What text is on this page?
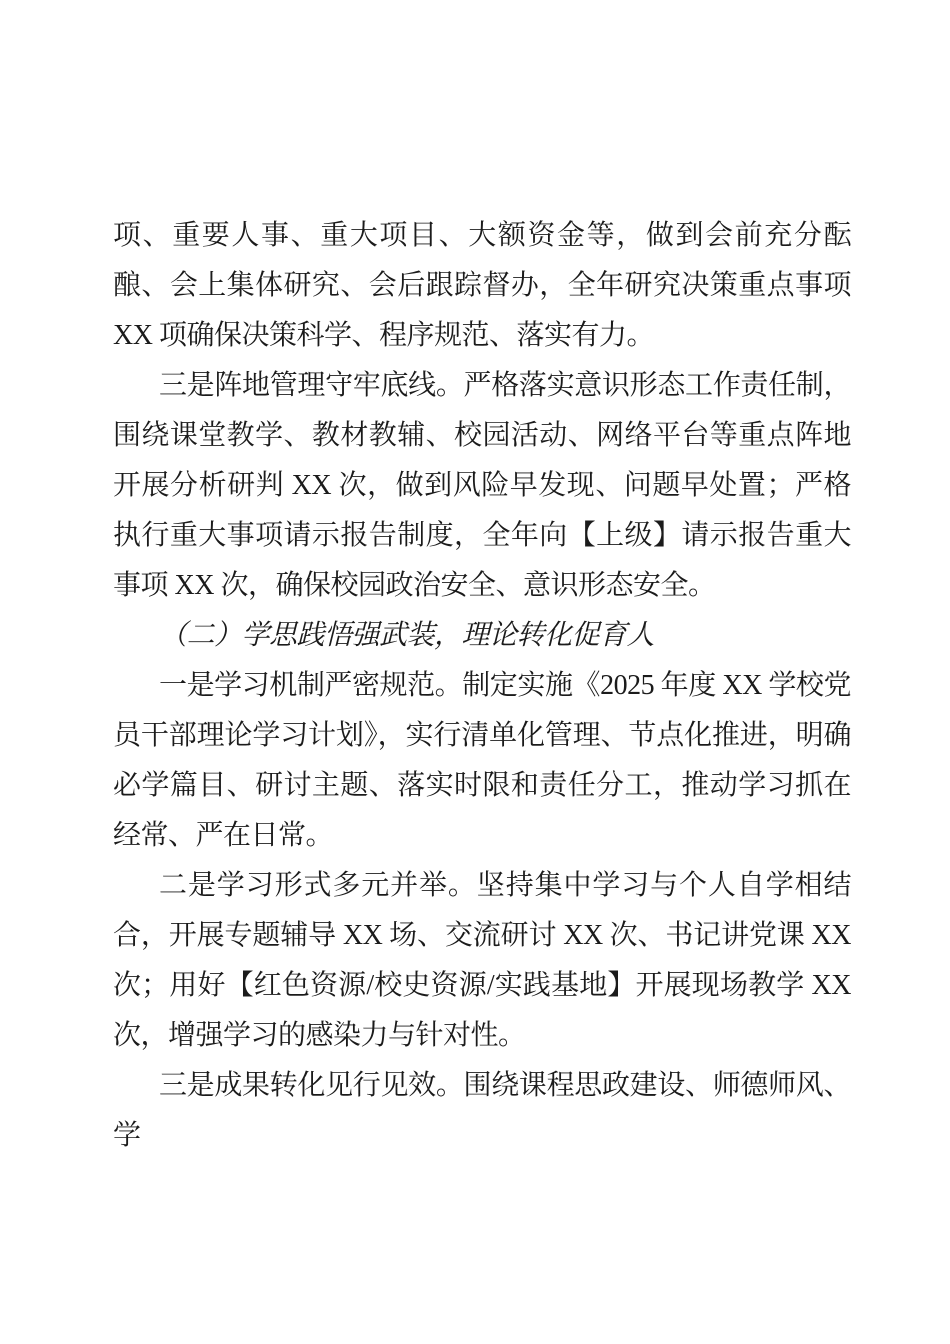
项、重要人事、重大项目、大额资金等，做到会前充分酝酿、会上集体研究、会后跟踪督办，全年研究决策重点事项 XX 项确保决策科学、程序规范、落实有力。

三是阵地管理守牢底线。严格落实意识形态工作责任制，围绕课堂教学、教材教辅、校园活动、网络平台等重点阵地开展分析研判 XX 次，做到风险早发现、问题早处置；严格执行重大事项请示报告制度，全年向【上级】请示报告重大事项 XX 次，确保校园政治安全、意识形态安全。

（二）学思践悟强武装，理论转化促育人

一是学习机制严密规范。制定实施《2025 年度 XX 学校党员干部理论学习计划》，实行清单化管理、节点化推进，明确必学篇目、研讨主题、落实时限和责任分工，推动学习抓在经常、严在日常。

二是学习形式多元并举。坚持集中学习与个人自学相结合，开展专题辅导 XX 场、交流研讨 XX 次、书记讲党课 XX 次；用好【红色资源/校史资源/实践基地】开展现场教学 XX 次，增强学习的感染力与针对性。

三是成果转化见行见效。围绕课程思政建设、师德师风、学
